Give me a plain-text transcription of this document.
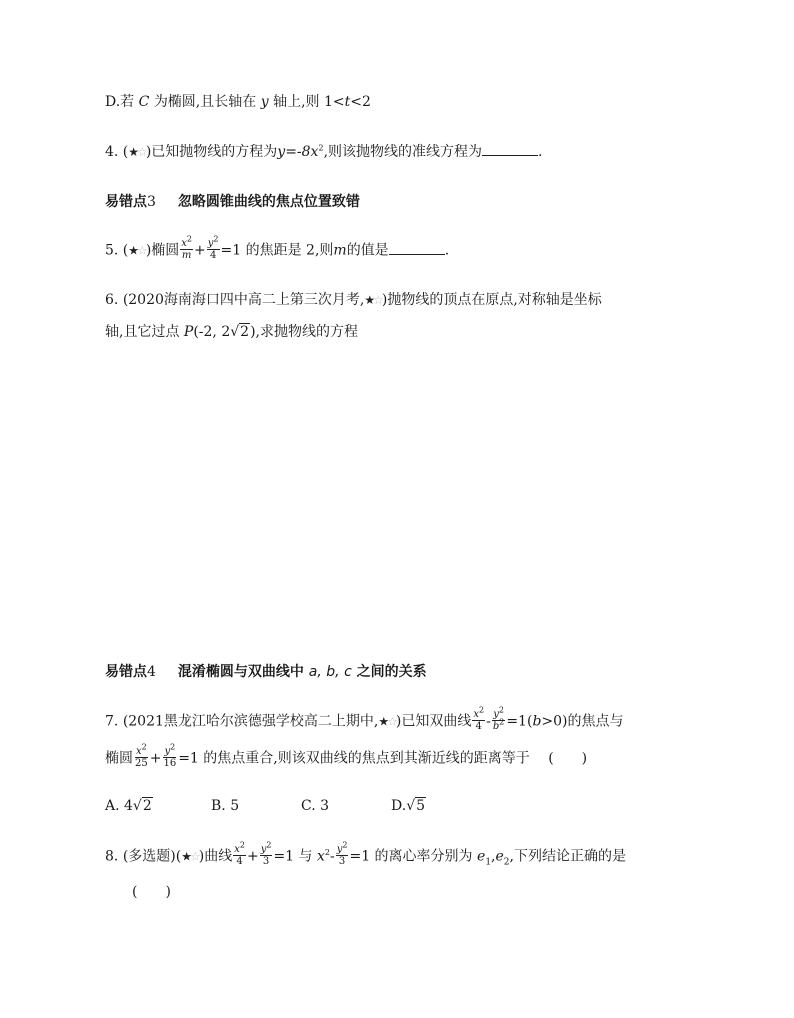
D.若 C 为椭圆,且长轴在 y 轴上,则 1<t<2
4. (★☆)已知抛物线的方程为$y=-8x^2$,则该抛物线的准线方程为	.
易错点3 忽略圆锥曲线的焦点位置致错
5. (★☆)椭圆 $\frac{x^2}{m} + \frac{y^2}{4} =1$ 的焦距是 2,则m的值是	.
6. (2020海南海口四中高二上第三次月考,★☆)抛物线的顶点在原点,对称轴是坐标
轴,且它过点 P(-2, 2√2),求抛物线的方程
易错点4 混淆椭圆与双曲线中 a, b, c 之间的关系
7. (2021黑龙江哈尔滨德强学校高二上期中,★☆)已知双曲线 $\frac{x^2}{4} - \frac{y^2}{b^2} =1(b>0)$的焦点与
椭圆 $\frac{x^2}{25} + \frac{y^2}{16} =1$ 的焦点重合,则该双曲线的焦点到其渐近线的距离等于 (　　)
A. 4√2	B. 5	C. 3	D.√5
8. (多选题)(★☆)曲线 $\frac{x^2}{4} + \frac{y^2}{3} =1$ 与 $x^2- \frac{y^2}{3} =1$ 的离心率分别为 $e_1,e_2$,下列结论正确的是
(　　)
